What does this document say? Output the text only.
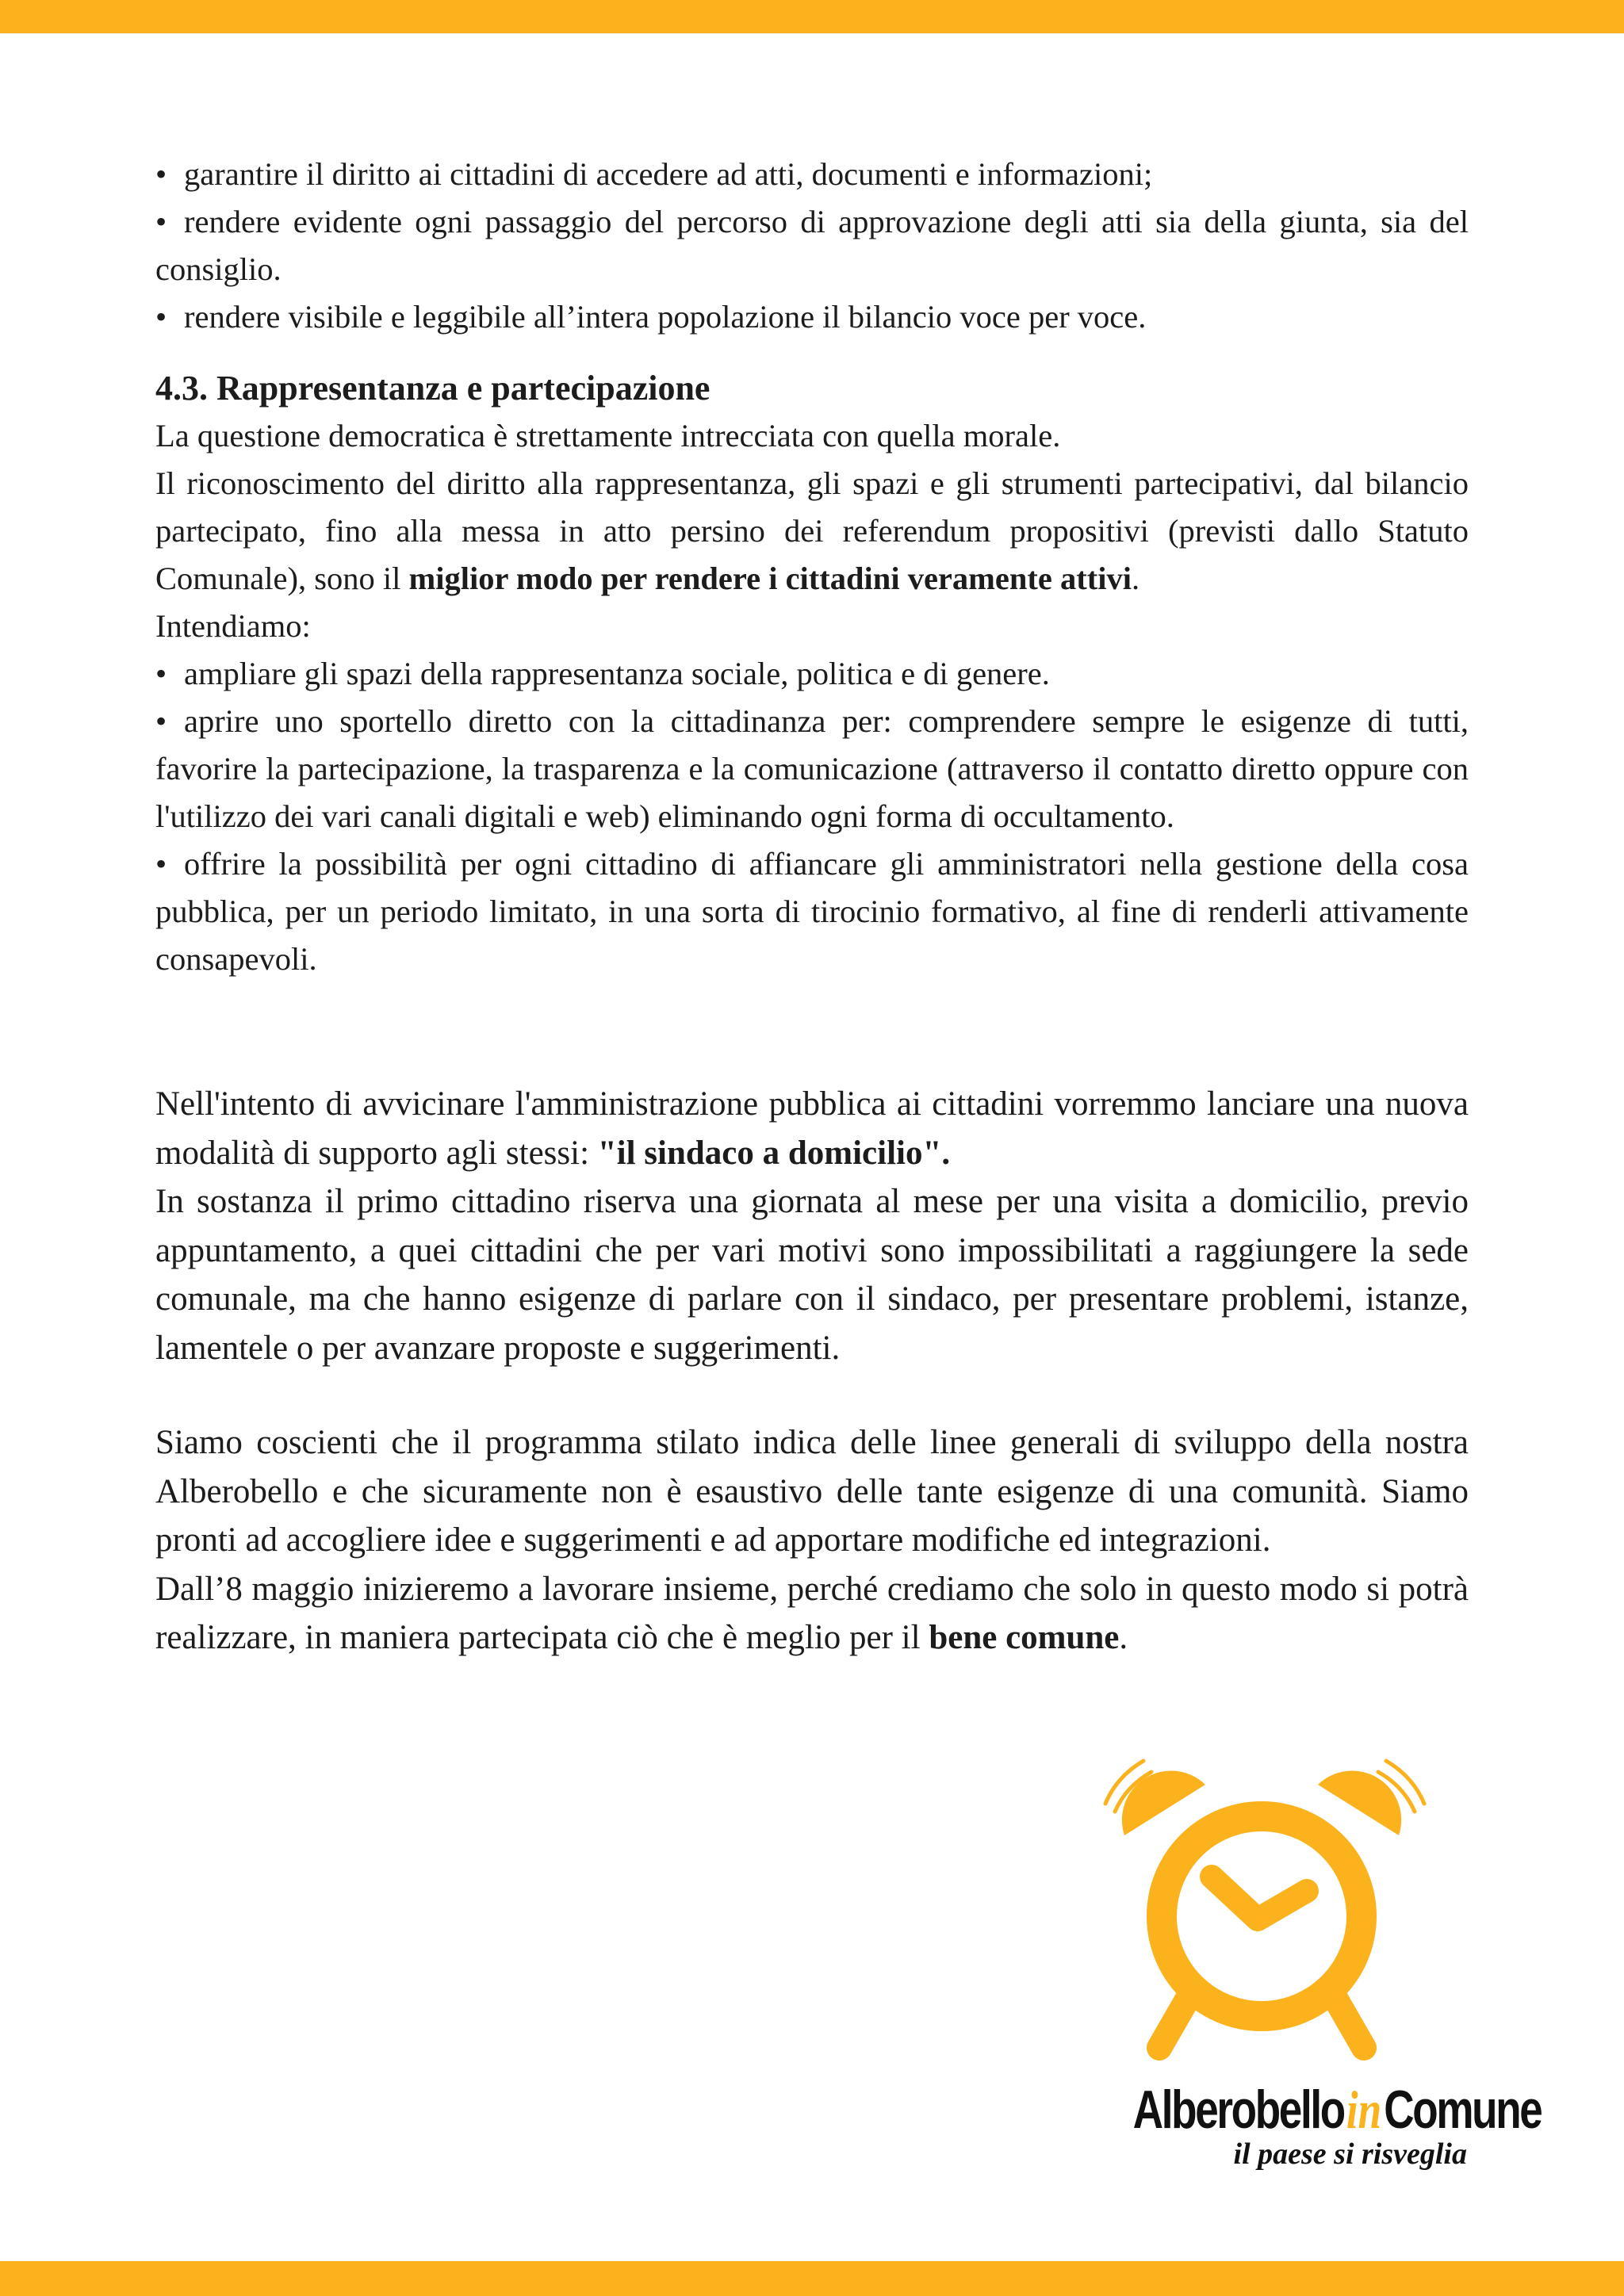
• garantire il diritto ai cittadini di accedere ad atti, documenti e informazioni;

• rendere evidente ogni passaggio del percorso di approvazione degli atti sia della giunta, sia del consiglio.

• rendere visibile e leggibile all’intera popolazione il bilancio voce per voce.

4.3. Rappresentanza e partecipazione

La questione democratica è strettamente intrecciata con quella morale.

Il riconoscimento del diritto alla rappresentanza, gli spazi e gli strumenti partecipativi, dal bilancio partecipato, fino alla messa in atto persino dei referendum propositivi (previsti dallo Statuto Comunale), sono il miglior modo per rendere i cittadini veramente attivi.

Intendiamo:

• ampliare gli spazi della rappresentanza sociale, politica e di genere.

• aprire uno sportello diretto con la cittadinanza per: comprendere sempre le esigenze di tutti, favorire la partecipazione, la trasparenza e la comunicazione (attraverso il contatto diretto oppure con l'utilizzo dei vari canali digitali e web) eliminando ogni forma di occultamento.

• offrire la possibilità per ogni cittadino di affiancare gli amministratori nella gestione della cosa pubblica, per un periodo limitato, in una sorta di tirocinio formativo, al fine di renderli attivamente consapevoli.

Nell'intento di avvicinare l'amministrazione pubblica ai cittadini vorremmo lanciare una nuova modalità di supporto agli stessi: "il sindaco a domicilio".

In sostanza il primo cittadino riserva una giornata al mese per una visita a domicilio, previo appuntamento, a quei cittadini che per vari motivi sono impossibilitati a raggiungere la sede comunale, ma che hanno esigenze di parlare con il sindaco, per presentare problemi, istanze, lamentele o per avanzare proposte e suggerimenti.

Siamo coscienti che il programma stilato indica delle linee generali di sviluppo della nostra Alberobello e che sicuramente non è esaustivo delle tante esigenze di una comunità. Siamo pronti ad accogliere idee e suggerimenti e ad apportare modifiche ed integrazioni.

Dall’8 maggio inizieremo a lavorare insieme, perché crediamo che solo in questo modo si potrà realizzare, in maniera partecipata ciò che è meglio per il bene comune.

AlberobelloinComune
il paese si risveglia
